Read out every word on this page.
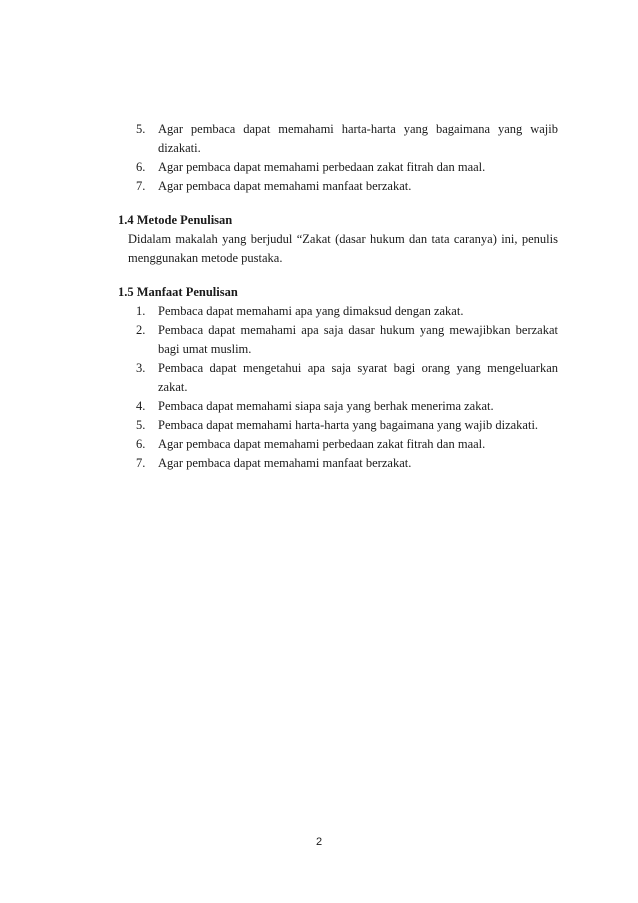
5. Agar pembaca dapat memahami harta-harta yang bagaimana yang wajib dizakati.
6. Agar pembaca dapat memahami perbedaan zakat fitrah dan maal.
7. Agar pembaca dapat memahami manfaat berzakat.

1.4 Metode Penulisan

Didalam makalah yang berjudul “Zakat (dasar hukum dan tata caranya) ini, penulis menggunakan metode pustaka.

1.5 Manfaat Penulisan

1. Pembaca dapat memahami apa yang dimaksud dengan zakat.
2. Pembaca dapat memahami apa saja dasar hukum yang mewajibkan berzakat bagi umat muslim.
3. Pembaca dapat mengetahui apa saja syarat bagi orang yang mengeluarkan zakat.
4. Pembaca dapat memahami siapa saja yang berhak menerima zakat.
5. Pembaca dapat memahami harta-harta yang bagaimana yang wajib dizakati.
6. Agar pembaca dapat memahami perbedaan zakat fitrah dan maal.
7. Agar pembaca dapat memahami manfaat berzakat.
2
